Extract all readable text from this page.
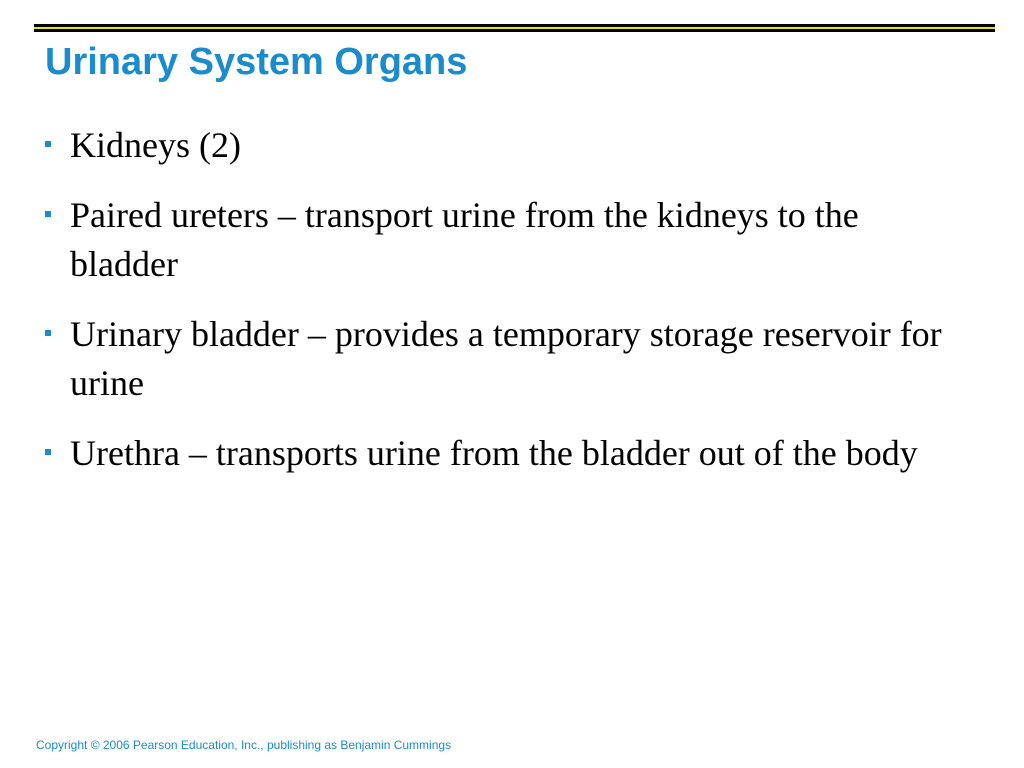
Urinary System Organs
Kidneys (2)
Paired ureters – transport urine from the kidneys to the bladder
Urinary bladder – provides a temporary storage reservoir for urine
Urethra – transports urine from the bladder out of the body
Copyright © 2006 Pearson Education, Inc., publishing as Benjamin Cummings
